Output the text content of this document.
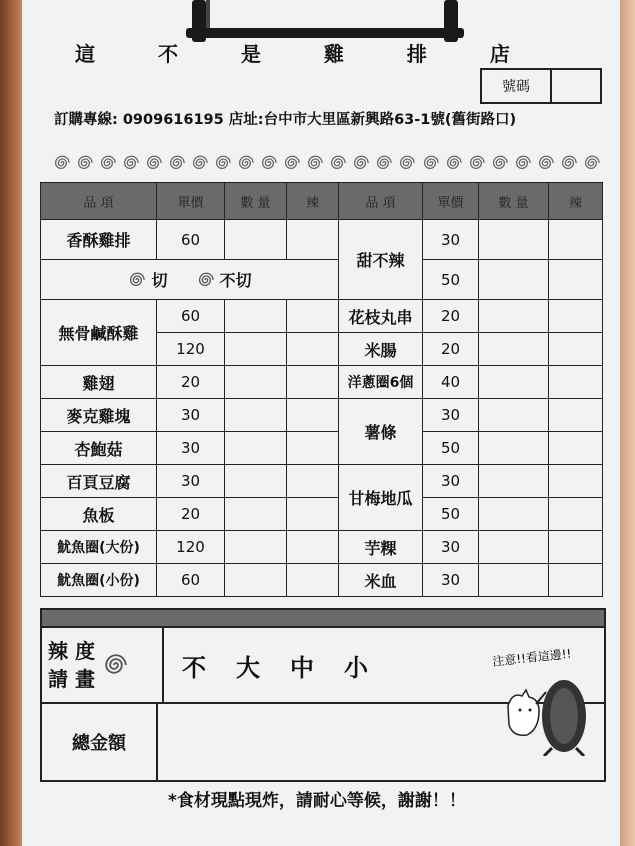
這 不 是 雞 排 店
號碼
訂購專線: 0909616195 店址:台中市大里區新興路63-1號(舊街路口)
品 項	單價	數 量	辣	品 項	單價	數 量	辣
香酥雞排	60			甜不辣	30		

切 不切					50		
無骨鹹酥雞	60			花枝丸串	20		
	120			米腸	20		
雞翅	20			洋蔥圈6個	40		
麥克雞塊	30			薯條	30		
杏鮑菇	30				50		
百頁豆腐	30			甘梅地瓜	30		
魚板	20				50		
魷魚圈(大份)	120			芋粿	30		
魷魚圈(小份)	60			米血	30		
辣 度
請 畫	不大中小
總金額
注意!!看這邊!!
*食材現點現炸，請耐心等候，謝謝！！
